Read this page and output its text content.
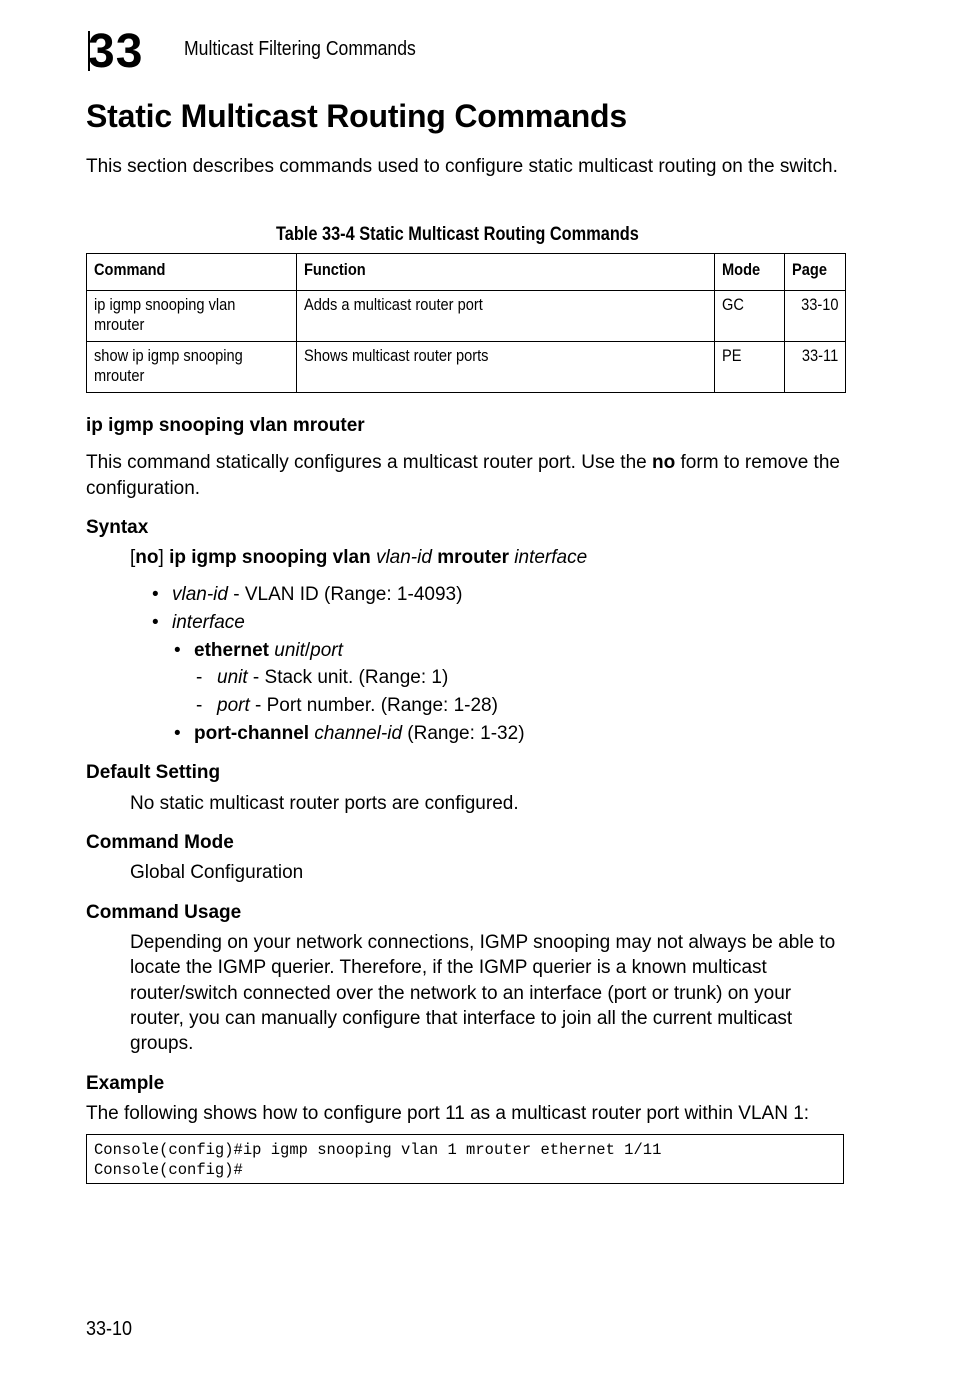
33 Multicast Filtering Commands
Static Multicast Routing Commands

This section describes commands used to configure static multicast routing on the switch.

Table 33-4 Static Multicast Routing Commands
Command	Function	Mode	Page
ip igmp snooping vlan
mrouter	Adds a multicast router port	GC	33-10
show ip igmp snooping
mrouter	Shows multicast router ports	PE	33-11
ip igmp snooping vlan mrouter

This command statically configures a multicast router port. Use the no form to remove the configuration.

Syntax
[no] ip igmp snooping vlan vlan-id mrouter interface
• vlan-id - VLAN ID (Range: 1-4093)
• interface
• ethernet unit/port
- unit - Stack unit. (Range: 1)
- port - Port number. (Range: 1-28)
• port-channel channel-id (Range: 1-32)
Default Setting

No static multicast router ports are configured.

Command Mode

Global Configuration

Command Usage

Depending on your network connections, IGMP snooping may not always be able to locate the IGMP querier. Therefore, if the IGMP querier is a known multicast router/switch connected over the network to an interface (port or trunk) on your router, you can manually configure that interface to join all the current multicast groups.

Example

The following shows how to configure port 11 as a multicast router port within VLAN 1:

Console(config)#ip igmp snooping vlan 1 mrouter ethernet 1/11
Console(config)#
33-10
